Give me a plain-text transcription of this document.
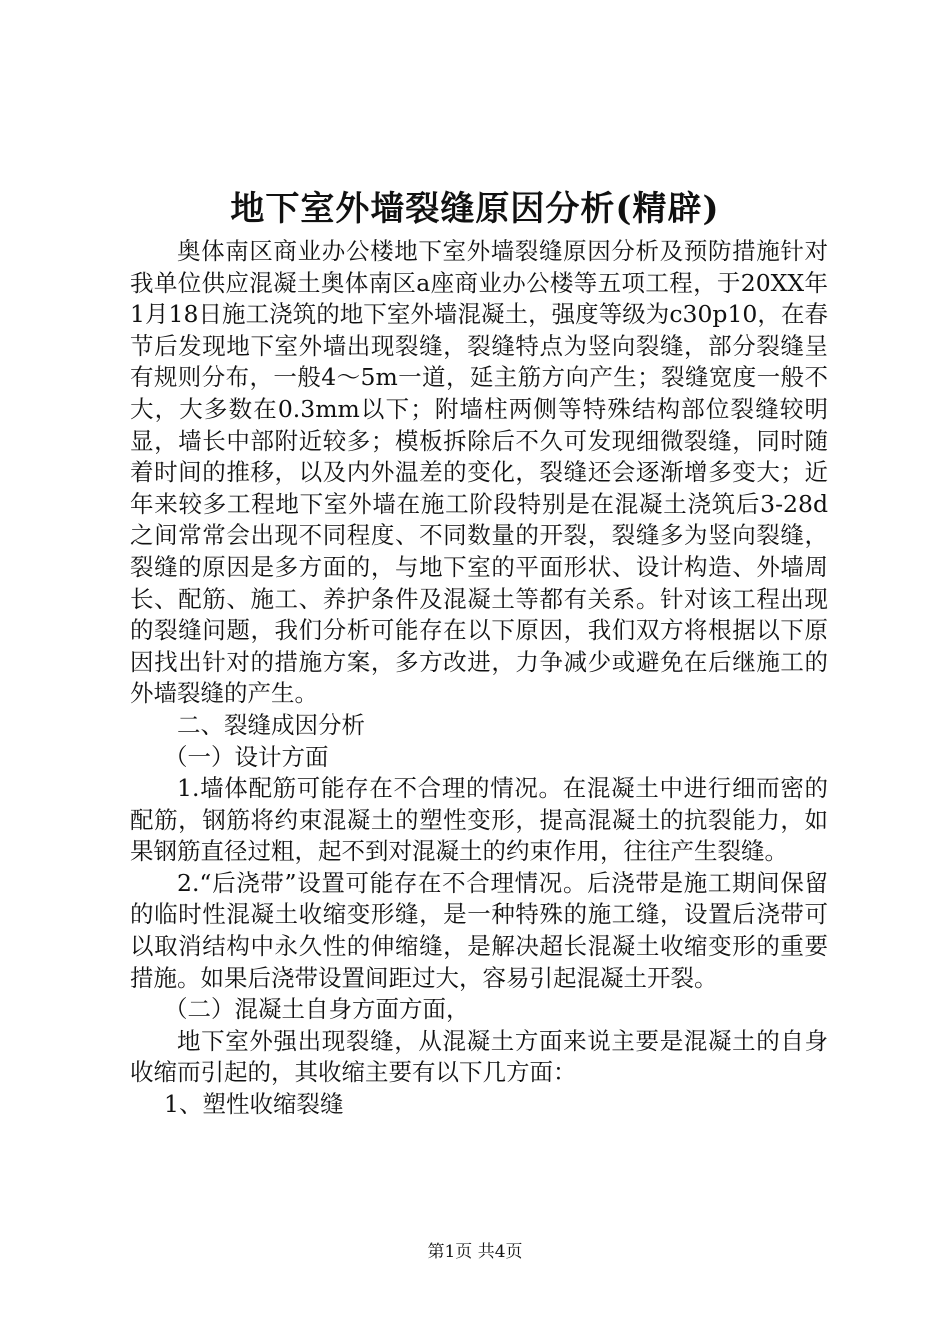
地下室外墙裂缝原因分析(精辟)

奥体南区商业办公楼地下室外墙裂缝原因分析及预防措施针对我单位供应混凝土奥体南区a座商业办公楼等五项工程，于20XX年1月18日施工浇筑的地下室外墙混凝土，强度等级为c30p10，在春节后发现地下室外墙出现裂缝，裂缝特点为竖向裂缝，部分裂缝呈有规则分布，一般4～5m一道，延主筋方向产生；裂缝宽度一般不大，大多数在0.3mm以下；附墙柱两侧等特殊结构部位裂缝较明显，墙长中部附近较多；模板拆除后不久可发现细微裂缝，同时随着时间的推移，以及内外温差的变化，裂缝还会逐渐增多变大；近年来较多工程地下室外墙在施工阶段特别是在混凝土浇筑后3-28d之间常常会出现不同程度、不同数量的开裂，裂缝多为竖向裂缝，裂缝的原因是多方面的，与地下室的平面形状、设计构造、外墙周长、配筋、施工、养护条件及混凝土等都有关系。针对该工程出现的裂缝问题，我们分析可能存在以下原因，我们双方将根据以下原因找出针对的措施方案，多方改进，力争减少或避免在后继施工的外墙裂缝的产生。

二、裂缝成因分析

（一）设计方面

1.墙体配筋可能存在不合理的情况。在混凝土中进行细而密的配筋，钢筋将约束混凝土的塑性变形，提高混凝土的抗裂能力，如果钢筋直径过粗，起不到对混凝土的约束作用，往往产生裂缝。

2.“后浇带”设置可能存在不合理情况。后浇带是施工期间保留的临时性混凝土收缩变形缝，是一种特殊的施工缝，设置后浇带可以取消结构中永久性的伸缩缝，是解决超长混凝土收缩变形的重要措施。如果后浇带设置间距过大，容易引起混凝土开裂。

（二）混凝土自身方面方面，

地下室外强出现裂缝，从混凝土方面来说主要是混凝土的自身收缩而引起的，其收缩主要有以下几方面：

1、塑性收缩裂缝

第1页 共4页
